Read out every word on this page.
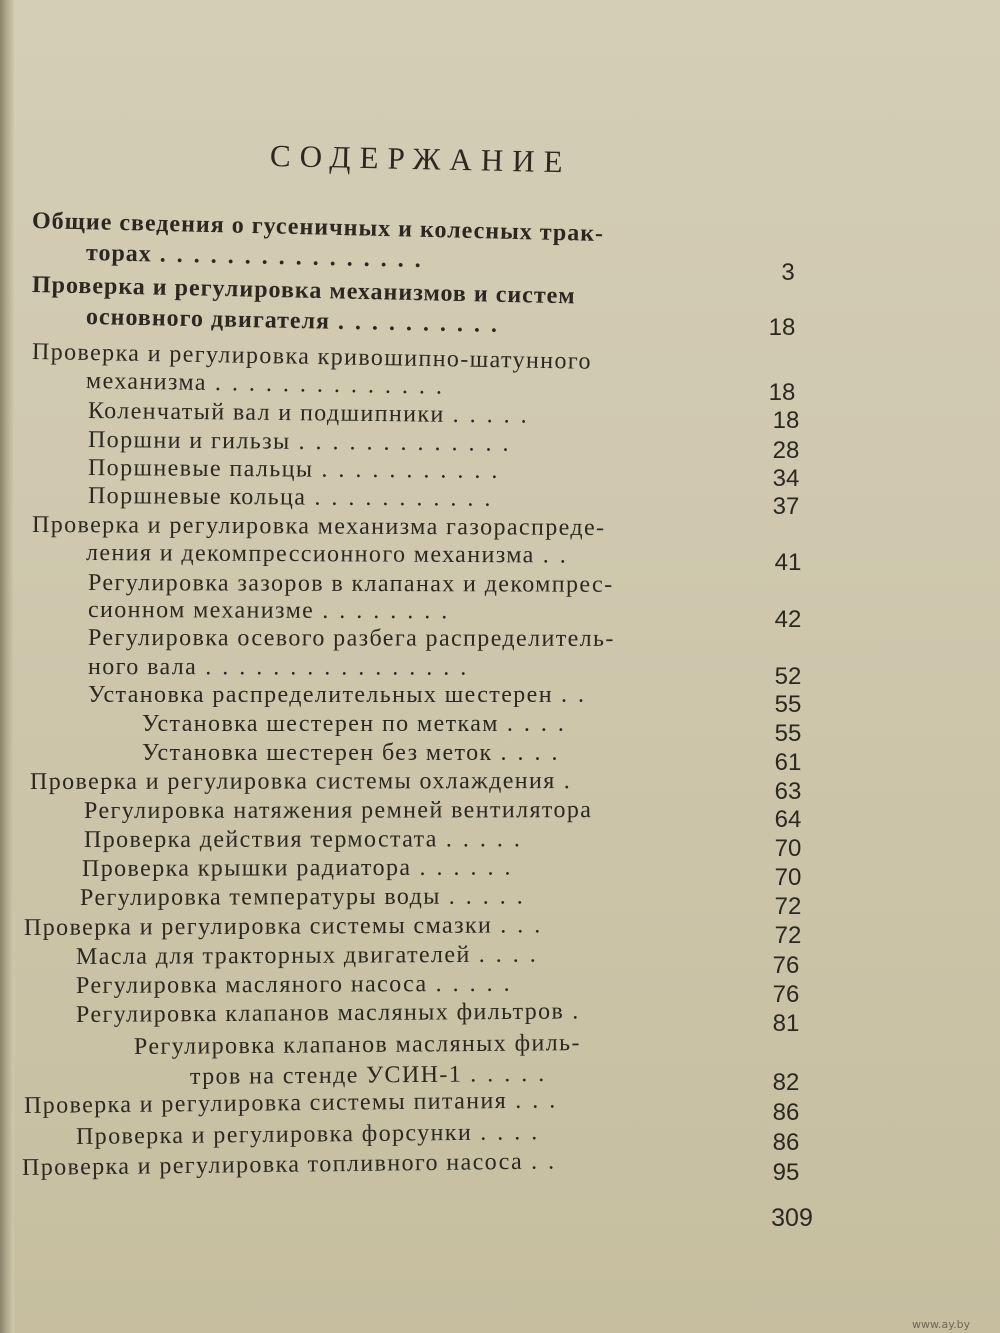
СОДЕРЖАНИЕ
Общие сведения о гусеничных и колесных трак-
торах ................	3
Проверка и регулировка механизмов и систем
основного двигателя ..........	18
Проверка и регулировка кривошипно-шатунного
механизма ..............	18
Коленчатый вал и подшипники .....	18
Поршни и гильзы .............	28
Поршневые пальцы ...........	34
Поршневые кольца ...........	37
Проверка и регулировка механизма газораспреде-
ления и декомпрессионного механизма ..	41
Регулировка зазоров в клапанах и декомпрес-
сионном механизме ........	42
Регулировка осевого разбега распределитель-
ного вала ................	52
Установка распределительных шестерен ..	55
Установка шестерен по меткам ....	55
Установка шестерен без меток ....	61
Проверка и регулировка системы охлаждения .	63
Регулировка натяжения ремней вентилятора	64
Проверка действия термостата .....	70
Проверка крышки радиатора ......	70
Регулировка температуры воды .....	72
Проверка и регулировка системы смазки ...	72
Масла для тракторных двигателей ....	76
Регулировка масляного насоса .....	76
Регулировка клапанов масляных фильтров .	81
Регулировка клапанов масляных филь-
тров на стенде УСИН-1 .....	82
Проверка и регулировка системы питания ...	86
Проверка и регулировка форсунки ....	86
Проверка и регулировка топливного насоса ..	95
309
www.ay.by
